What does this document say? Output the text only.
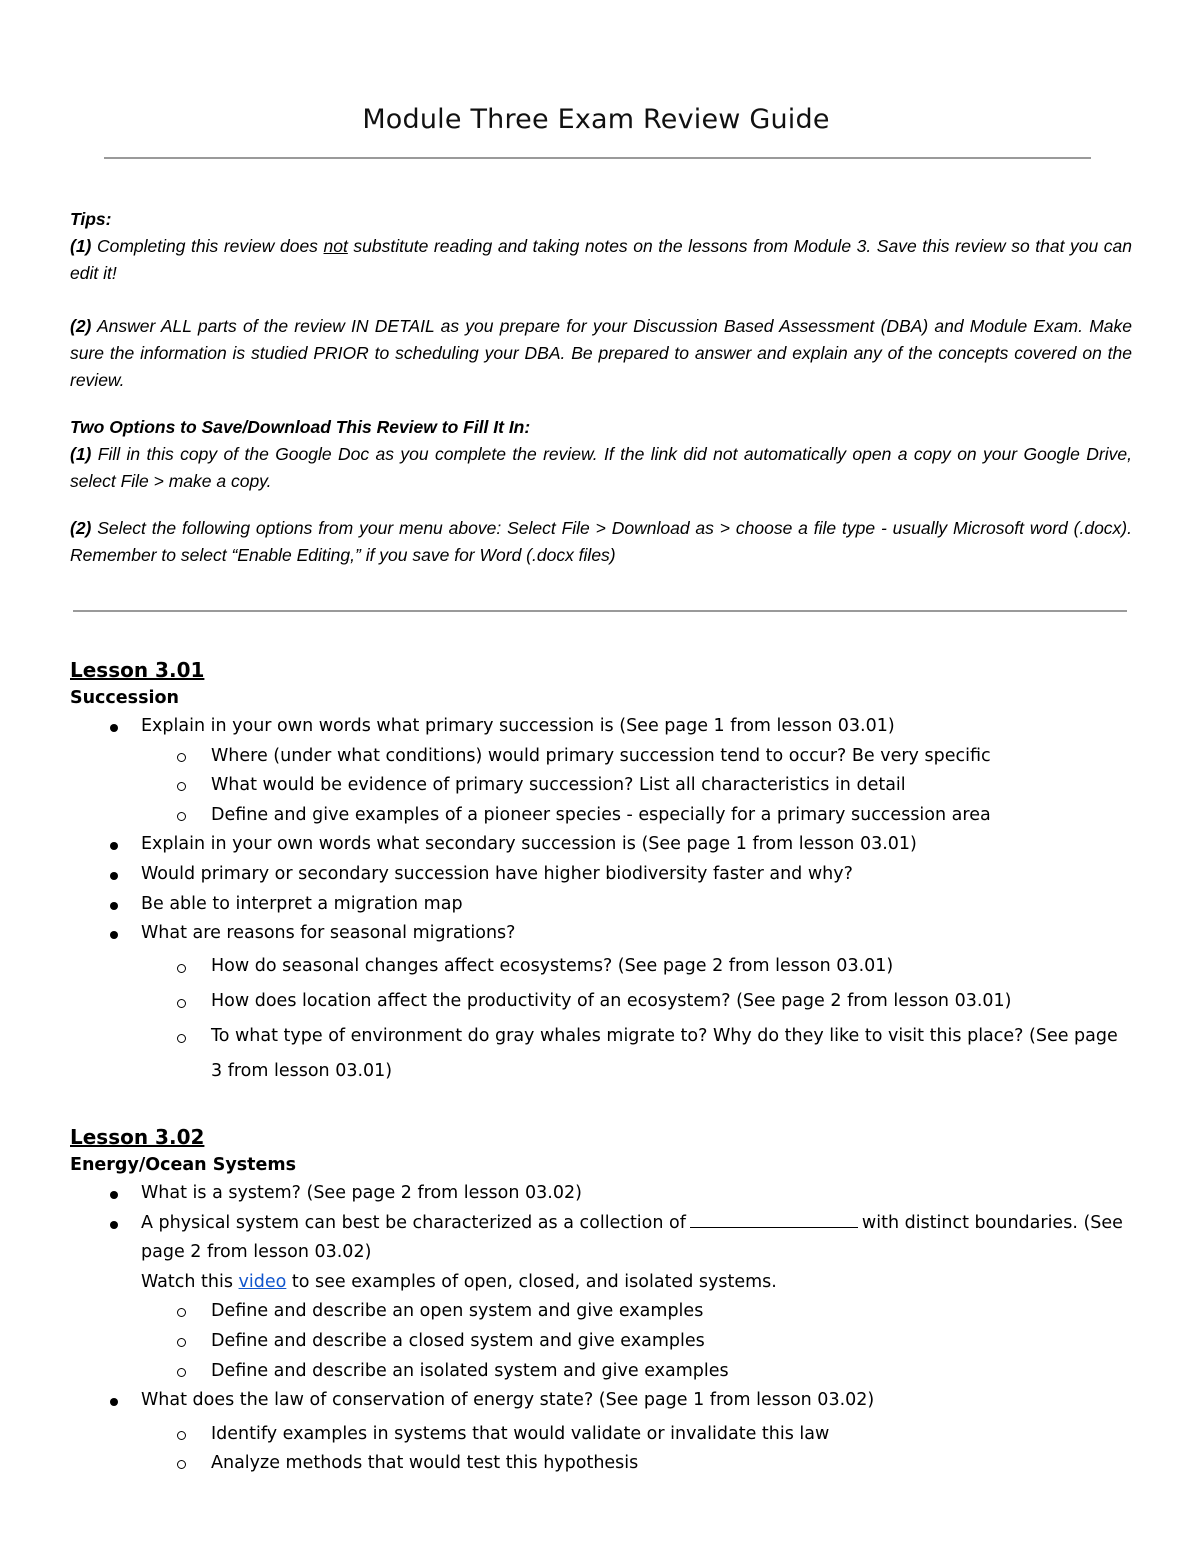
Module Three Exam Review Guide

Tips:

(1) Completing this review does not substitute reading and taking notes on the lessons from Module 3. Save this review so that you can edit it!

(2) Answer ALL parts of the review IN DETAIL as you prepare for your Discussion Based Assessment (DBA) and Module Exam. Make sure the information is studied PRIOR to scheduling your DBA. Be prepared to answer and explain any of the concepts covered on the review.

Two Options to Save/Download This Review to Fill It In:

(1) Fill in this copy of the Google Doc as you complete the review. If the link did not automatically open a copy on your Google Drive, select File > make a copy.

(2) Select the following options from your menu above: Select File > Download as > choose a file type - usually Microsoft word (.docx). Remember to select “Enable Editing,” if you save for Word (.docx files)

Lesson 3.01
Succession
Explain in your own words what primary succession is (See page 1 from lesson 03.01)
Where (under what conditions) would primary succession tend to occur? Be very specific
What would be evidence of primary succession? List all characteristics in detail
Define and give examples of a pioneer species - especially for a primary succession area
Explain in your own words what secondary succession is (See page 1 from lesson 03.01)
Would primary or secondary succession have higher biodiversity faster and why?
Be able to interpret a migration map
What are reasons for seasonal migrations?
How do seasonal changes affect ecosystems? (See page 2 from lesson 03.01)
How does location affect the productivity of an ecosystem? (See page 2 from lesson 03.01)
To what type of environment do gray whales migrate to? Why do they like to visit this place? (See page 3 from lesson 03.01)
Lesson 3.02
Energy/Ocean Systems
What is a system? (See page 2 from lesson 03.02)
A physical system can best be characterized as a collection of	with distinct boundaries. (See page 2 from lesson 03.02)
Watch this video to see examples of open, closed, and isolated systems.
Define and describe an open system and give examples
Define and describe a closed system and give examples
Define and describe an isolated system and give examples
What does the law of conservation of energy state? (See page 1 from lesson 03.02)
Identify examples in systems that would validate or invalidate this law
Analyze methods that would test this hypothesis
